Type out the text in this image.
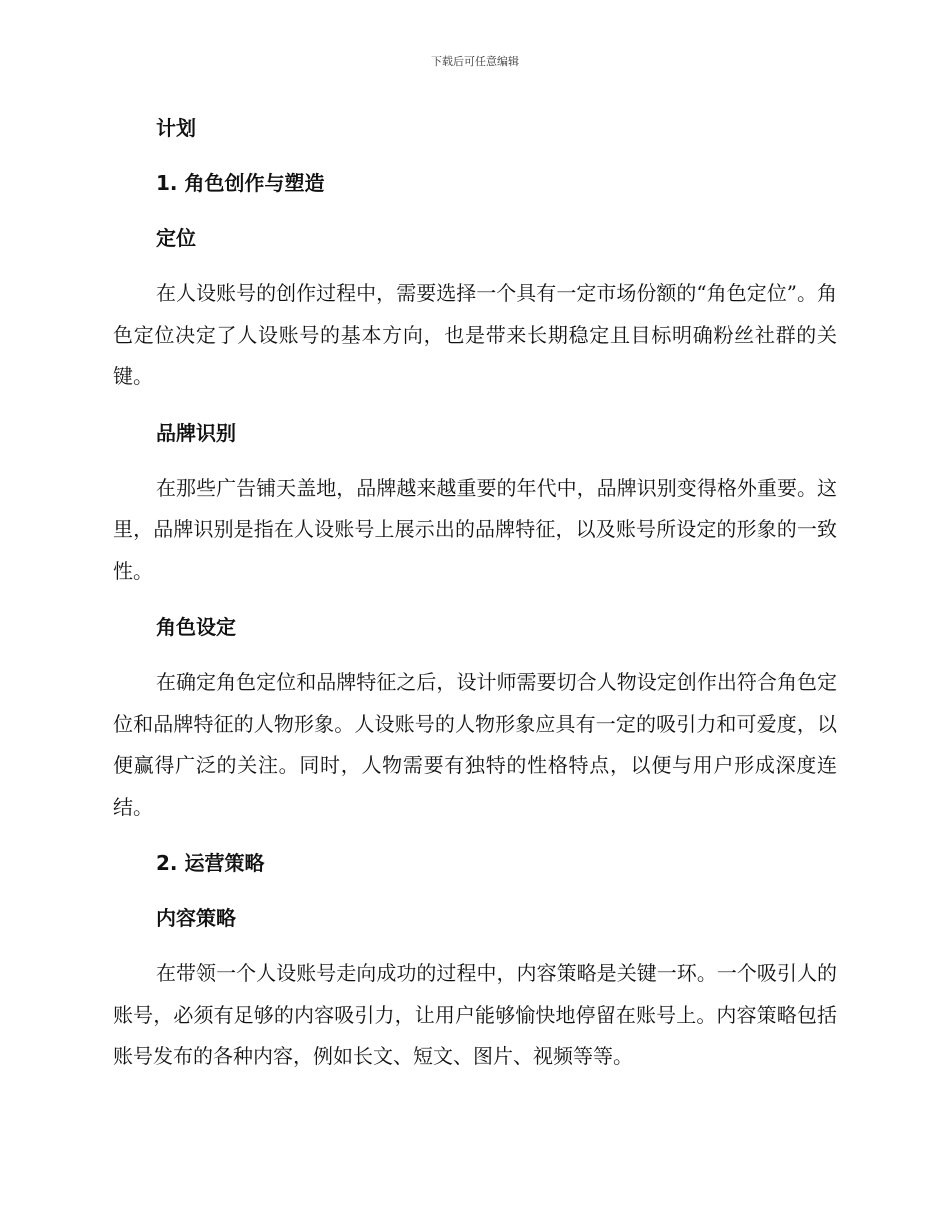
下载后可任意编辑
计划
1. 角色创作与塑造
定位

在人设账号的创作过程中，需要选择一个具有一定市场份额的“角色定位”。角色定位决定了人设账号的基本方向，也是带来长期稳定且目标明确粉丝社群的关键。

品牌识别

在那些广告铺天盖地，品牌越来越重要的年代中，品牌识别变得格外重要。这里，品牌识别是指在人设账号上展示出的品牌特征，以及账号所设定的形象的一致性。

角色设定

在确定角色定位和品牌特征之后，设计师需要切合人物设定创作出符合角色定位和品牌特征的人物形象。人设账号的人物形象应具有一定的吸引力和可爱度，以便赢得广泛的关注。同时，人物需要有独特的性格特点，以便与用户形成深度连结。

2. 运营策略
内容策略

在带领一个人设账号走向成功的过程中，内容策略是关键一环。一个吸引人的账号，必须有足够的内容吸引力，让用户能够愉快地停留在账号上。内容策略包括账号发布的各种内容，例如长文、短文、图片、视频等等。
